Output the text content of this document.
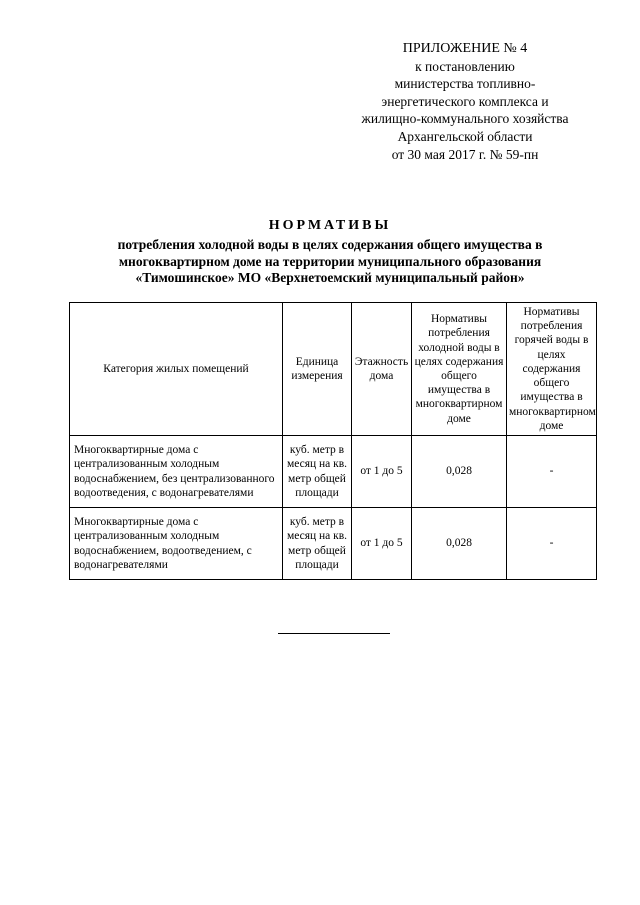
ПРИЛОЖЕНИЕ № 4
к постановлению
министерства топливно-
энергетического комплекса и
жилищно-коммунального хозяйства
Архангельской области
от 30 мая 2017 г. № 59-пн
НОРМАТИВЫ
потребления холодной воды в целях содержания общего имущества в
многоквартирном доме на территории муниципального образования
«Тимошинское» МО «Верхнетоемский муниципальный район»
Категория жилых помещений	Единица измерения	Этажность дома	Нормативы потребления холодной воды в целях содержания общего имущества в многоквартирном доме	Нормативы потребления горячей воды в целях содержания общего имущества в многоквартирном доме
Многоквартирные дома с централизованным холодным водоснабжением, без централизованного водоотведения, с водонагревателями	куб. метр в месяц на кв. метр общей площади	от 1 до 5	0,028	-
Многоквартирные дома с централизованным холодным водоснабжением, водоотведением, с водонагревателями	куб. метр в месяц на кв. метр общей площади	от 1 до 5	0,028	-
